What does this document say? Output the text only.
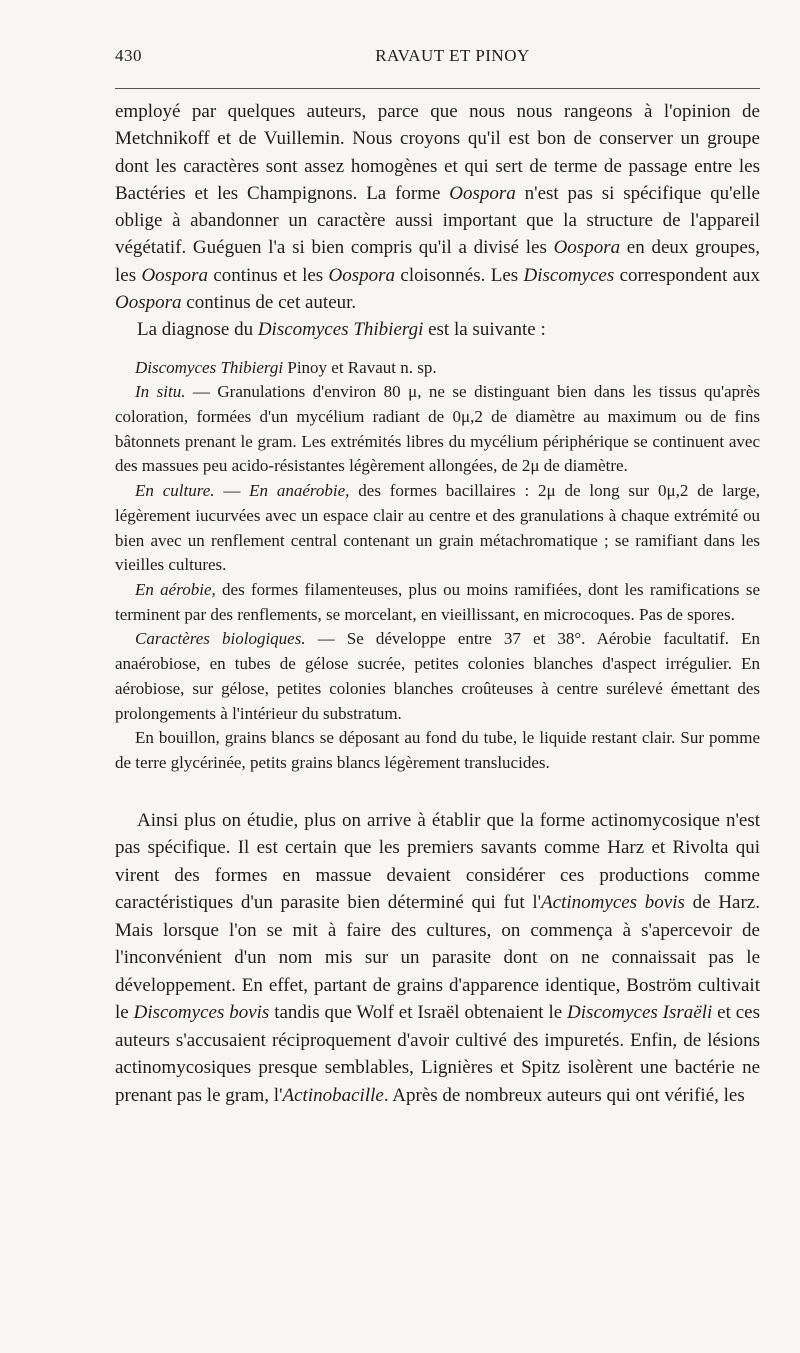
430	RAVAUT ET PINOY

employé par quelques auteurs, parce que nous nous rangeons à l'opinion de Metchnikoff et de Vuillemin. Nous croyons qu'il est bon de conserver un groupe dont les caractères sont assez homogènes et qui sert de terme de passage entre les Bactéries et les Champignons. La forme Oospora n'est pas si spécifique qu'elle oblige à abandonner un caractère aussi important que la structure de l'appareil végétatif. Guéguen l'a si bien compris qu'il a divisé les Oospora en deux groupes, les Oospora continus et les Oospora cloisonnés. Les Discomyces correspondent aux Oospora continus de cet auteur.

La diagnose du Discomyces Thibiergi est la suivante :

Discomyces Thibiergi Pinoy et Ravaut n. sp.

In situ. — Granulations d'environ 80 μ, ne se distinguant bien dans les tissus qu'après coloration, formées d'un mycélium radiant de 0μ,2 de diamètre au maximum ou de fins bâtonnets prenant le gram. Les extrémités libres du mycélium périphérique se continuent avec des massues peu acido-résistantes légèrement allongées, de 2μ de diamètre.

En culture. — En anaérobie, des formes bacillaires : 2μ de long sur 0μ,2 de large, légèrement iucurvées avec un espace clair au centre et des granulations à chaque extrémité ou bien avec un renflement central contenant un grain métachromatique ; se ramifiant dans les vieilles cultures.

En aérobie, des formes filamenteuses, plus ou moins ramifiées, dont les ramifications se terminent par des renflements, se morcelant, en vieillissant, en microcoques. Pas de spores.

Caractères biologiques. — Se développe entre 37 et 38°. Aérobie facultatif. En anaérobiose, en tubes de gélose sucrée, petites colonies blanches d'aspect irrégulier. En aérobiose, sur gélose, petites colonies blanches croûteuses à centre surélevé émettant des prolongements à l'intérieur du substratum.

En bouillon, grains blancs se déposant au fond du tube, le liquide restant clair. Sur pomme de terre glycérinée, petits grains blancs légèrement translucides.

Ainsi plus on étudie, plus on arrive à établir que la forme actinomycosique n'est pas spécifique. Il est certain que les premiers savants comme Harz et Rivolta qui virent des formes en massue devaient considérer ces productions comme caractéristiques d'un parasite bien déterminé qui fut l'Actinomyces bovis de Harz. Mais lorsque l'on se mit à faire des cultures, on commença à s'apercevoir de l'inconvénient d'un nom mis sur un parasite dont on ne connaissait pas le développement. En effet, partant de grains d'apparence identique, Boström cultivait le Discomyces bovis tandis que Wolf et Israël obtenaient le Discomyces Israëli et ces auteurs s'accusaient réciproquement d'avoir cultivé des impuretés. Enfin, de lésions actinomycosiques presque semblables, Lignières et Spitz isolèrent une bactérie ne prenant pas le gram, l'Actinobacille. Après de nombreux auteurs qui ont vérifié, les
